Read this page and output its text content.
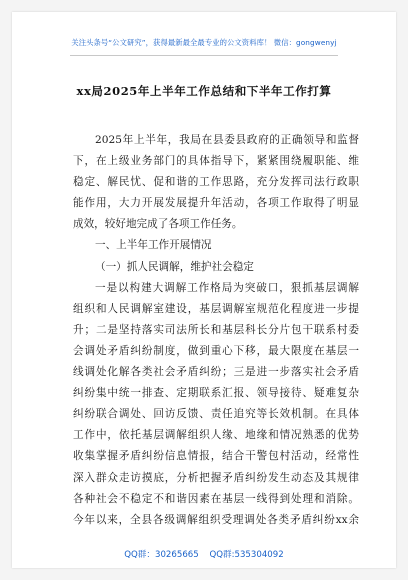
关注头条号“公文研究”，获得最新最全最专业的公文资料库！ 微信：gongwenyj
xx局2025年上半年工作总结和下半年工作打算
2025年上半年，我局在县委县政府的正确领导和监督
下，在上级业务部门的具体指导下，紧紧围绕履职能、维
稳定、解民忧、促和谐的工作思路，充分发挥司法行政职
能作用，大力开展发展提升年活动，各项工作取得了明显
成效，较好地完成了各项工作任务。
一、上半年工作开展情况
（一）抓人民调解，维护社会稳定
一是以构建大调解工作格局为突破口，狠抓基层调解
组织和人民调解室建设，基层调解室规范化程度进一步提
升；二是坚持落实司法所长和基层科长分片包干联系村委
会调处矛盾纠纷制度，做到重心下移，最大限度在基层一
线调处化解各类社会矛盾纠纷；三是进一步落实社会矛盾
纠纷集中统一排查、定期联系汇报、领导接待、疑难复杂
纠纷联合调处、回访反馈、责任追究等长效机制。在具体
工作中，依托基层调解组织人缘、地缘和情况熟悉的优势
收集掌握矛盾纠纷信息情报，结合干警包村活动，经常性
深入群众走访摸底，分析把握矛盾纠纷发生动态及其规律
各种社会不稳定不和谐因素在基层一线得到处理和消除。
今年以来，全县各级调解组织受理调处各类矛盾纠纷xx余
QQ群：30265665 QQ群:535304092
